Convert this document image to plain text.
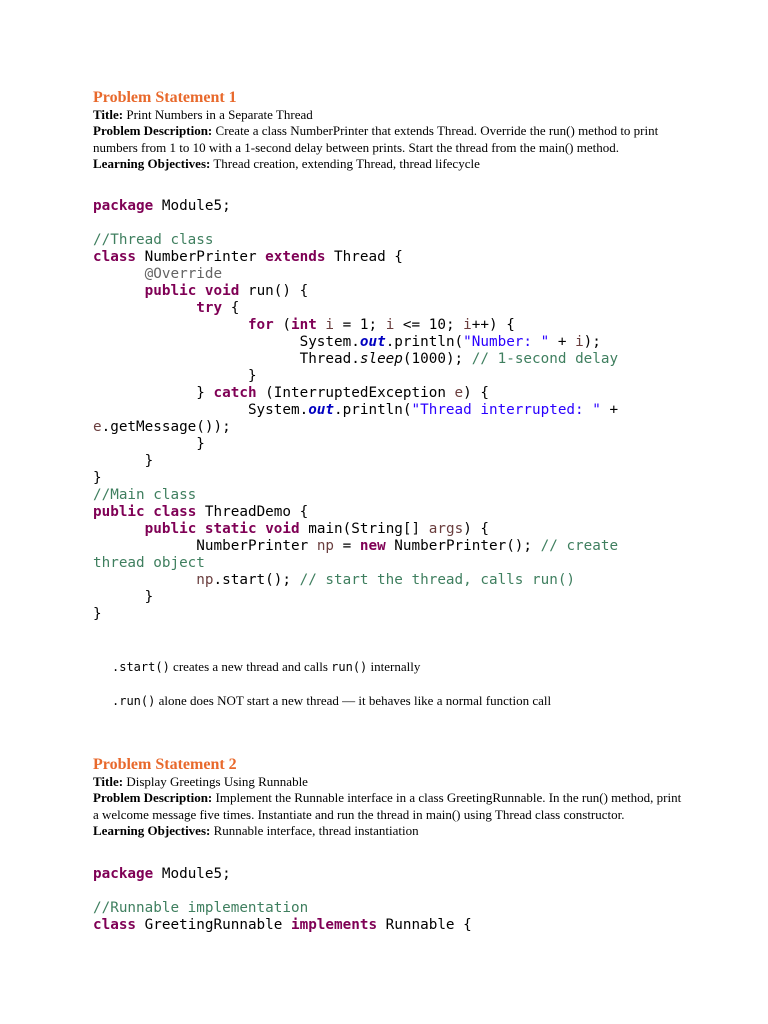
Problem Statement 1
Title: Print Numbers in a Separate Thread
Problem Description: Create a class NumberPrinter that extends Thread. Override the run() method to print numbers from 1 to 10 with a 1-second delay between prints. Start the thread from the main() method.
Learning Objectives: Thread creation, extending Thread, thread lifecycle
package Module5;

//Thread class
class NumberPrinter extends Thread {
@Override
public void run() {
try {
for (int i = 1; i <= 10; i++) {
System.out.println("Number: " + i);
Thread.sleep(1000); // 1-second delay
}
} catch (InterruptedException e) {
System.out.println("Thread interrupted: " +
e.getMessage());
}
}
}
//Main class
public class ThreadDemo {
public static void main(String[] args) {
NumberPrinter np = new NumberPrinter(); // create
thread object
np.start(); // start the thread, calls run()
}
}
.start() creates a new thread and calls run() internally
.run() alone does NOT start a new thread — it behaves like a normal function call
Problem Statement 2
Title: Display Greetings Using Runnable
Problem Description: Implement the Runnable interface in a class GreetingRunnable. In the run() method, print a welcome message five times. Instantiate and run the thread in main() using Thread class constructor.
Learning Objectives: Runnable interface, thread instantiation
package Module5;

//Runnable implementation
class GreetingRunnable implements Runnable {
